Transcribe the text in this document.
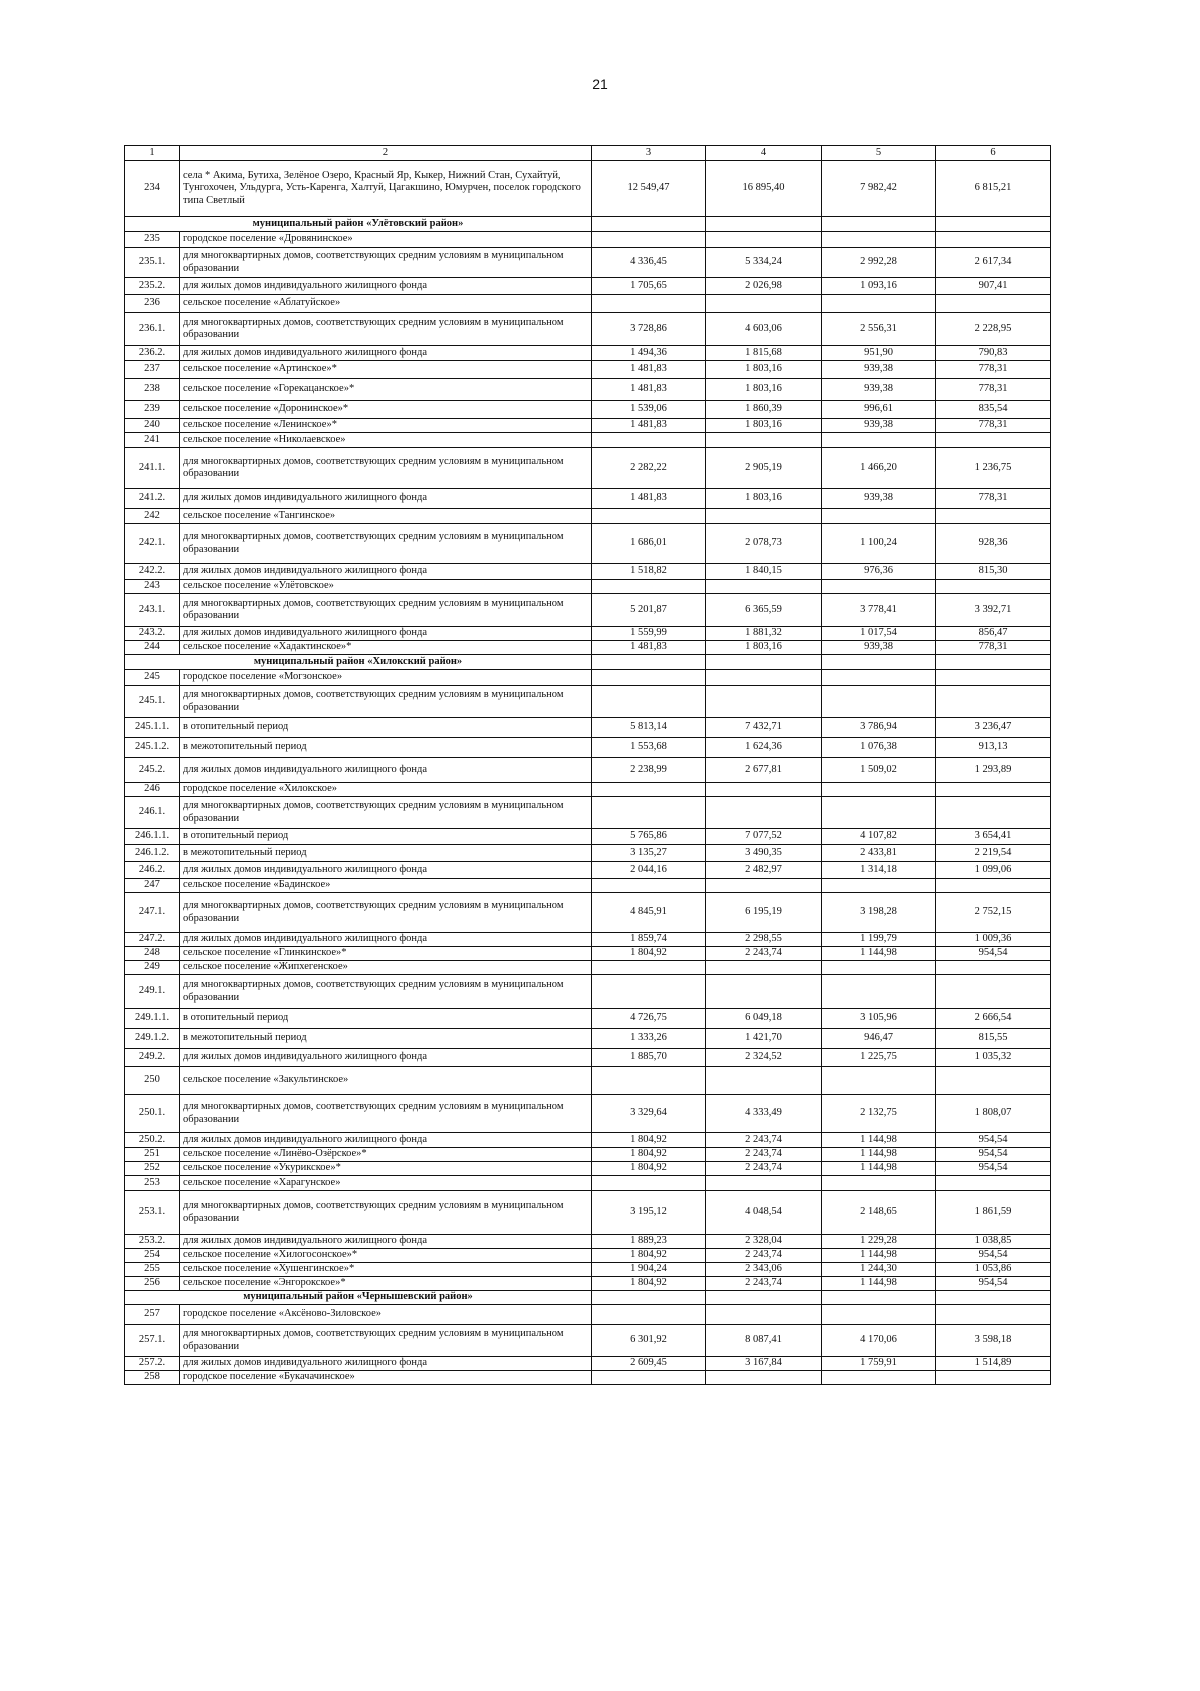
21
1	2	3	4	5	6
234	села * Акима, Бутиха, Зелёное Озеро, Красный Яр, Кыкер, Нижний Стан, Сухайтуй, Тунгохочен, Ульдурга, Усть-Каренга, Халтуй, Цагакшино, Юмурчен, поселок городского типа Светлый	12 549,47	16 895,40	7 982,42	6 815,21
муниципальный район «Улётовский район»					
235	городское поселение «Дровянинское»				
235.1.	для многоквартирных домов, соответствующих средним условиям в муниципальном образовании	4 336,45	5 334,24	2 992,28	2 617,34
235.2.	для жилых домов индивидуального жилищного фонда	1 705,65	2 026,98	1 093,16	907,41
236	сельское поселение «Аблатуйское»				
236.1.	для многоквартирных домов, соответствующих средним условиям в муниципальном образовании	3 728,86	4 603,06	2 556,31	2 228,95
236.2.	для жилых домов индивидуального жилищного фонда	1 494,36	1 815,68	951,90	790,83
237	сельское поселение «Артинское»*	1 481,83	1 803,16	939,38	778,31
238	сельское поселение «Горекацанское»*	1 481,83	1 803,16	939,38	778,31
239	сельское поселение «Доронинское»*	1 539,06	1 860,39	996,61	835,54
240	сельское поселение «Ленинское»*	1 481,83	1 803,16	939,38	778,31
241	сельское поселение «Николаевское»				
241.1.	для многоквартирных домов, соответствующих средним условиям в муниципальном образовании	2 282,22	2 905,19	1 466,20	1 236,75
241.2.	для жилых домов индивидуального жилищного фонда	1 481,83	1 803,16	939,38	778,31
242	сельское поселение «Тангинское»				
242.1.	для многоквартирных домов, соответствующих средним условиям в муниципальном образовании	1 686,01	2 078,73	1 100,24	928,36
242.2.	для жилых домов индивидуального жилищного фонда	1 518,82	1 840,15	976,36	815,30
243	сельское поселение «Улётовское»				
243.1.	для многоквартирных домов, соответствующих средним условиям в муниципальном образовании	5 201,87	6 365,59	3 778,41	3 392,71
243.2.	для жилых домов индивидуального жилищного фонда	1 559,99	1 881,32	1 017,54	856,47
244	сельское поселение «Хадактинское»*	1 481,83	1 803,16	939,38	778,31
муниципальный район «Хилокский район»					
245	городское поселение «Могзонское»				
245.1.	для многоквартирных домов, соответствующих средним условиям в муниципальном образовании				
245.1.1.	в отопительный период	5 813,14	7 432,71	3 786,94	3 236,47
245.1.2.	в межотопительный период	1 553,68	1 624,36	1 076,38	913,13
245.2.	для жилых домов индивидуального жилищного фонда	2 238,99	2 677,81	1 509,02	1 293,89
246	городское поселение «Хилокское»				
246.1.	для многоквартирных домов, соответствующих средним условиям в муниципальном образовании				
246.1.1.	в отопительный период	5 765,86	7 077,52	4 107,82	3 654,41
246.1.2.	в межотопительный период	3 135,27	3 490,35	2 433,81	2 219,54
246.2.	для жилых домов индивидуального жилищного фонда	2 044,16	2 482,97	1 314,18	1 099,06
247	сельское поселение «Бадинское»				
247.1.	для многоквартирных домов, соответствующих средним условиям в муниципальном образовании	4 845,91	6 195,19	3 198,28	2 752,15
247.2.	для жилых домов индивидуального жилищного фонда	1 859,74	2 298,55	1 199,79	1 009,36
248	сельское поселение «Глинкинское»*	1 804,92	2 243,74	1 144,98	954,54
249	сельское поселение «Жипхегенское»				
249.1.	для многоквартирных домов, соответствующих средним условиям в муниципальном образовании				
249.1.1.	в отопительный период	4 726,75	6 049,18	3 105,96	2 666,54
249.1.2.	в межотопительный период	1 333,26	1 421,70	946,47	815,55
249.2.	для жилых домов индивидуального жилищного фонда	1 885,70	2 324,52	1 225,75	1 035,32
250	сельское поселение «Закультинское»				
250.1.	для многоквартирных домов, соответствующих средним условиям в муниципальном образовании	3 329,64	4 333,49	2 132,75	1 808,07
250.2.	для жилых домов индивидуального жилищного фонда	1 804,92	2 243,74	1 144,98	954,54
251	сельское поселение «Линёво-Озёрское»*	1 804,92	2 243,74	1 144,98	954,54
252	сельское поселение «Укурикское»*	1 804,92	2 243,74	1 144,98	954,54
253	сельское поселение «Харагунское»				
253.1.	для многоквартирных домов, соответствующих средним условиям в муниципальном образовании	3 195,12	4 048,54	2 148,65	1 861,59
253.2.	для жилых домов индивидуального жилищного фонда	1 889,23	2 328,04	1 229,28	1 038,85
254	сельское поселение «Хилогосонское»*	1 804,92	2 243,74	1 144,98	954,54
255	сельское поселение «Хушенгинское»*	1 904,24	2 343,06	1 244,30	1 053,86
256	сельское поселение «Энгорокское»*	1 804,92	2 243,74	1 144,98	954,54
муниципальный район «Чернышевский район»					
257	городское поселение «Аксёново-Зиловское»				
257.1.	для многоквартирных домов, соответствующих средним условиям в муниципальном образовании	6 301,92	8 087,41	4 170,06	3 598,18
257.2.	для жилых домов индивидуального жилищного фонда	2 609,45	3 167,84	1 759,91	1 514,89
258	городское поселение «Букачачинское»				
